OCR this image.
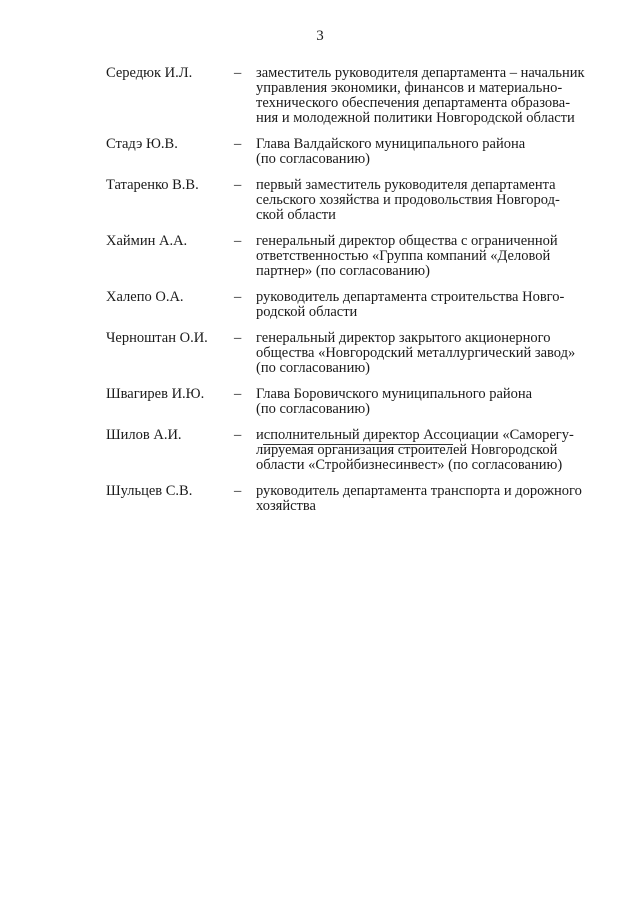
3
Середюк И.Л.	–	заместитель руководителя департамента – начальник
управления экономики, финансов и материально-
технического обеспечения департамента образова-
ния и молодежной политики Новгородской области
Стадэ Ю.В.	–	Глава Валдайского муниципального района
(по согласованию)
Татаренко В.В.	–	первый заместитель руководителя департамента
сельского хозяйства и продовольствия Новгород-
ской области
Хаймин А.А.	–	генеральный директор общества с ограниченной
ответственностью «Группа компаний «Деловой
партнер» (по согласованию)
Халепо О.А.	–	руководитель департамента строительства Новго-
родской области
Черноштан О.И.	–	генеральный директор закрытого акционерного
общества «Новгородский металлургический завод»
(по согласованию)
Швагирев И.Ю.	–	Глава Боровичского муниципального района
(по согласованию)
Шилов А.И.	–	исполнительный директор Ассоциации «Саморегу-
лируемая организация строителей Новгородской
области «Стройбизнесинвест» (по согласованию)
Шульцев С.В.	–	руководитель департамента транспорта и дорожного
хозяйства
